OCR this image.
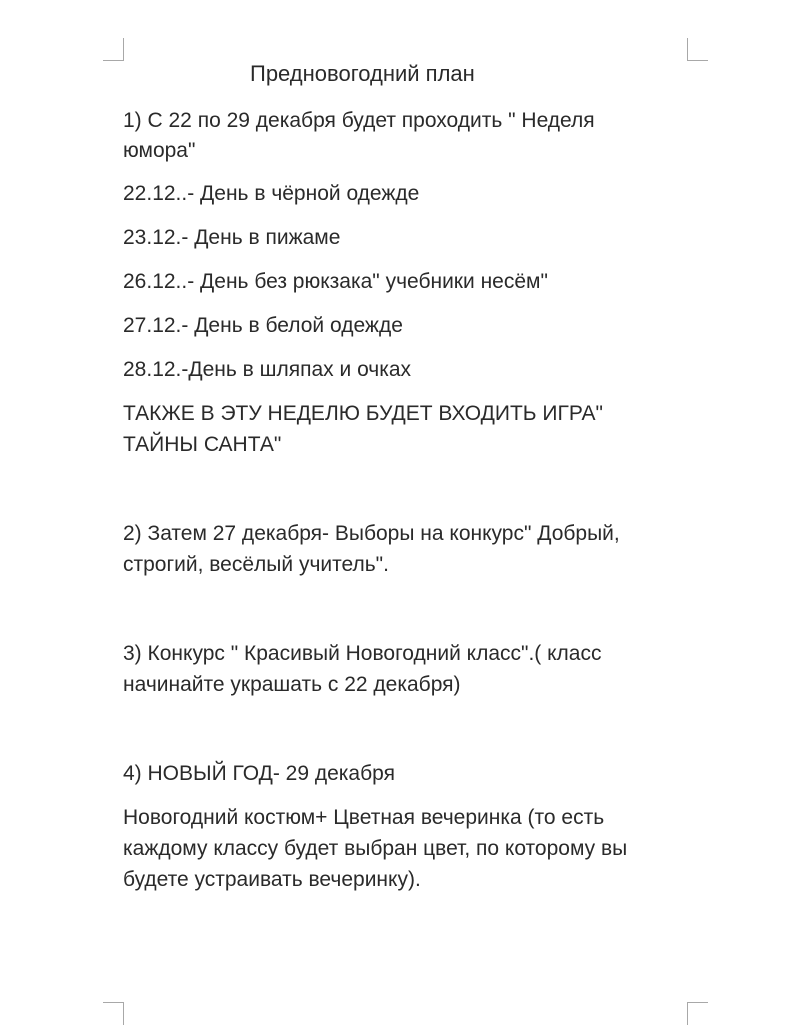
Предновогодний план
1) С 22 по 29 декабря будет проходить " Неделя
юмора"
22.12..- День в чёрной одежде
23.12.- День в пижаме
26.12..- День без рюкзака" учебники несём"
27.12.- День в белой одежде
28.12.-День в шляпах и очках
ТАКЖЕ В ЭТУ НЕДЕЛЮ БУДЕТ ВХОДИТЬ ИГРА"
ТАЙНЫ САНТА"
2) Затем 27 декабря- Выборы на конкурс" Добрый,
строгий, весёлый учитель".
3) Конкурс " Красивый Новогодний класс".( класс
начинайте украшать с 22 декабря)
4) НОВЫЙ ГОД- 29 декабря
Новогодний костюм+ Цветная вечеринка (то есть
каждому классу будет выбран цвет, по которому вы
будете устраивать вечеринку).
